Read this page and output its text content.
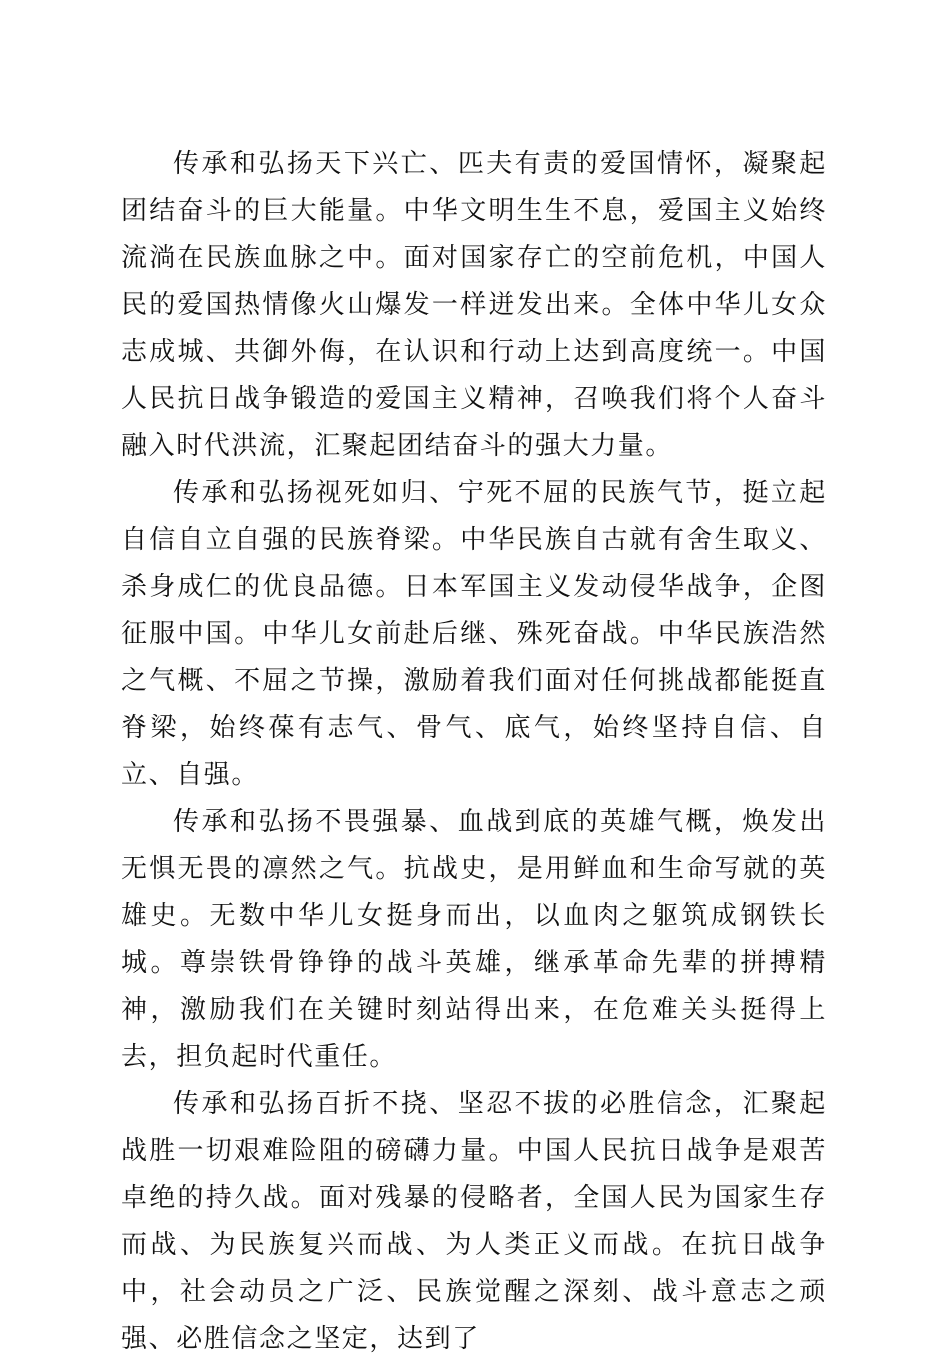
传承和弘扬天下兴亡、匹夫有责的爱国情怀，凝聚起团结奋斗的巨大能量。中华文明生生不息，爱国主义始终流淌在民族血脉之中。面对国家存亡的空前危机，中国人民的爱国热情像火山爆发一样迸发出来。全体中华儿女众志成城、共御外侮，在认识和行动上达到高度统一。中国人民抗日战争锻造的爱国主义精神，召唤我们将个人奋斗融入时代洪流，汇聚起团结奋斗的强大力量。

传承和弘扬视死如归、宁死不屈的民族气节，挺立起自信自立自强的民族脊梁。中华民族自古就有舍生取义、杀身成仁的优良品德。日本军国主义发动侵华战争，企图征服中国。中华儿女前赴后继、殊死奋战。中华民族浩然之气概、不屈之节操，激励着我们面对任何挑战都能挺直脊梁，始终葆有志气、骨气、底气，始终坚持自信、自立、自强。

传承和弘扬不畏强暴、血战到底的英雄气概，焕发出无惧无畏的凛然之气。抗战史，是用鲜血和生命写就的英雄史。无数中华儿女挺身而出，以血肉之躯筑成钢铁长城。尊崇铁骨铮铮的战斗英雄，继承革命先辈的拼搏精神，激励我们在关键时刻站得出来，在危难关头挺得上去，担负起时代重任。

传承和弘扬百折不挠、坚忍不拔的必胜信念，汇聚起战胜一切艰难险阻的磅礴力量。中国人民抗日战争是艰苦卓绝的持久战。面对残暴的侵略者，全国人民为国家生存而战、为民族复兴而战、为人类正义而战。在抗日战争中，社会动员之广泛、民族觉醒之深刻、战斗意志之顽强、必胜信念之坚定，达到了
